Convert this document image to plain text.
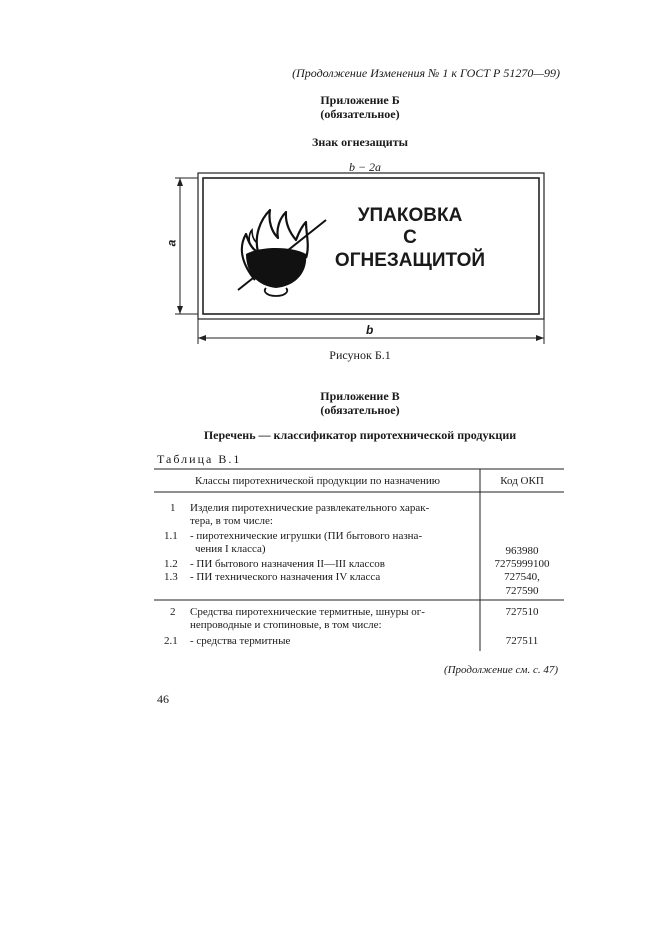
(Продолжение Изменения № 1 к ГОСТ Р 51270—99)
Приложение Б
(обязательное)
Знак огнезащиты
b − 2a
a
b
УПАКОВКА
С
ОГНЕЗАЩИТОЙ
Рисунок Б.1
Приложение В
(обязательное)
Перечень — классификатор пиротехнической продукции
Таблица В.1
Классы пиротехнической продукции по назначению	Код ОКП
1 Изделия пиротехнические развлекательного харак-
тера, в том числе:
1.1 - пиротехнические игрушки (ПИ бытового назна-
чения I класса)	963980
1.2 - ПИ бытового назначения II—III классов	7275999100
1.3 - ПИ технического назначения IV класса	727540,
727590
2 Средства пиротехнические термитные, шнуры ог-
непроводные и стопиновые, в том числе:
727510
2.1 - средства термитные	727511
(Продолжение см. с. 47)
46
